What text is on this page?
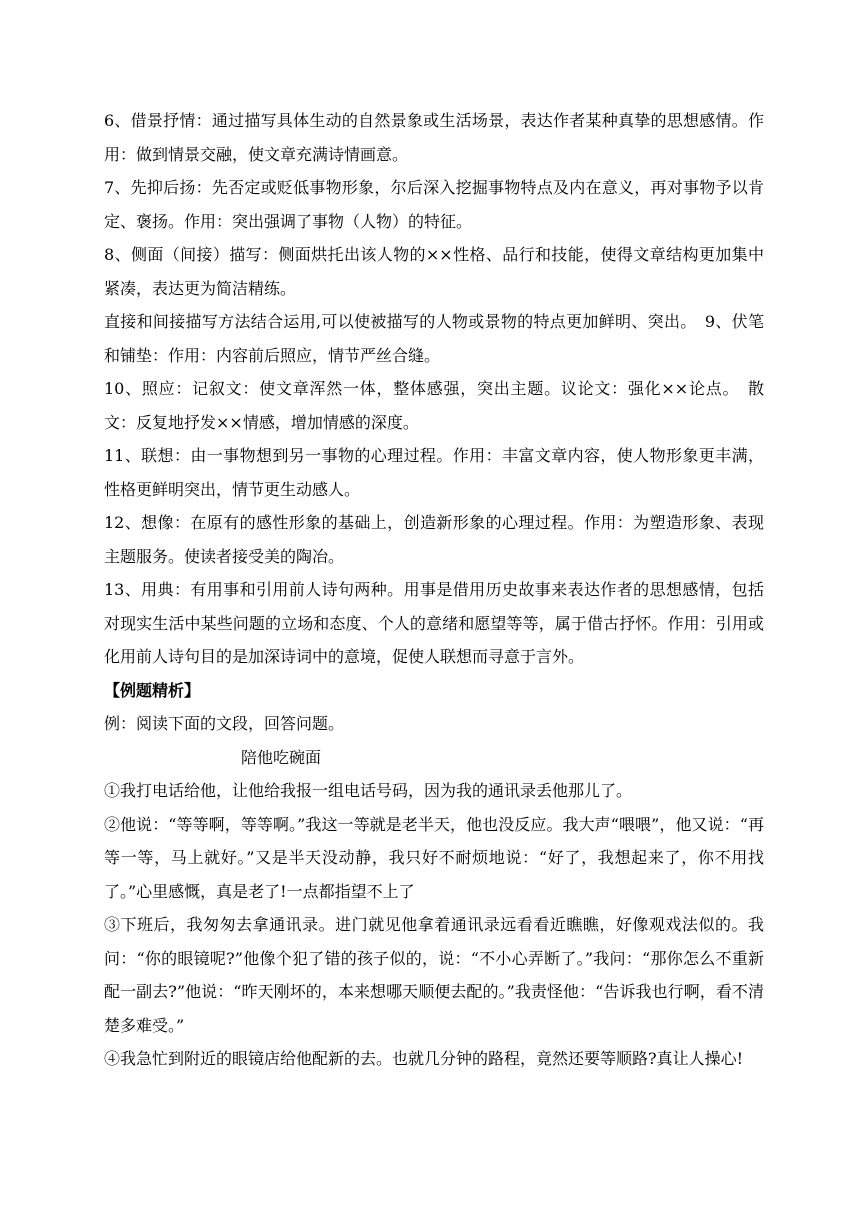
6、借景抒情：通过描写具体生动的自然景象或生活场景，表达作者某种真挚的思想感情。作用：做到情景交融，使文章充满诗情画意。

7、先抑后扬：先否定或贬低事物形象，尔后深入挖掘事物特点及内在意义，再对事物予以肯定、褒扬。作用：突出强调了事物（人物）的特征。

8、侧面（间接）描写：侧面烘托出该人物的××性格、品行和技能，使得文章结构更加集中紧凑，表达更为简洁精练。

直接和间接描写方法结合运用,可以使被描写的人物或景物的特点更加鲜明、突出。　9、伏笔和铺垫：作用：内容前后照应，情节严丝合缝。

10、照应：记叙文：使文章浑然一体，整体感强，突出主题。议论文：强化××论点。　散文：反复地抒发××情感，增加情感的深度。

11、联想：由一事物想到另一事物的心理过程。作用：丰富文章内容，使人物形象更丰满，性格更鲜明突出，情节更生动感人。

12、想像：在原有的感性形象的基础上，创造新形象的心理过程。作用：为塑造形象、表现主题服务。使读者接受美的陶冶。

13、用典：有用事和引用前人诗句两种。用事是借用历史故事来表达作者的思想感情，包括对现实生活中某些问题的立场和态度、个人的意绪和愿望等等，属于借古抒怀。作用：引用或化用前人诗句目的是加深诗词中的意境，促使人联想而寻意于言外。

【例题精析】

例：阅读下面的文段，回答问题。

陪他吃碗面

①我打电话给他，让他给我报一组电话号码，因为我的通讯录丢他那儿了。

②他说：“等等啊，等等啊。”我这一等就是老半天，他也没反应。我大声“喂喂”，他又说：“再等一等，马上就好。”又是半天没动静，我只好不耐烦地说：“好了，我想起来了，你不用找了。”心里感慨，真是老了!一点都指望不上了

③下班后，我匆匆去拿通讯录。进门就见他拿着通讯录远看看近瞧瞧，好像观戏法似的。我问：“你的眼镜呢?”他像个犯了错的孩子似的，说：“不小心弄断了。”我问：“那你怎么不重新配一副去?”他说：“昨天刚坏的，本来想哪天顺便去配的。”我责怪他：“告诉我也行啊，看不清楚多难受。”

④我急忙到附近的眼镜店给他配新的去。也就几分钟的路程，竟然还要等顺路?真让人操心!
